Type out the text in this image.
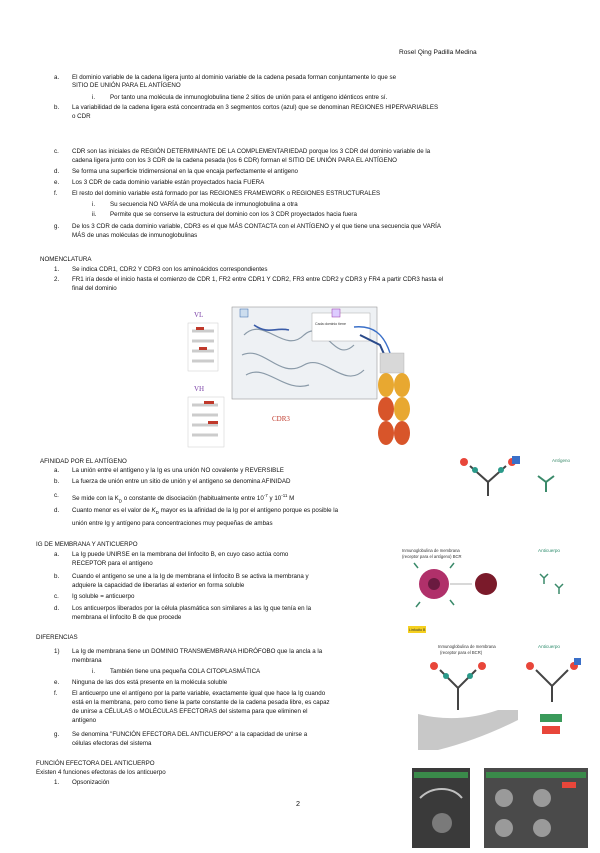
Rosel Qing Padilla Medina
a. El dominio variable de la cadena ligera junto al dominio variable de la cadena pesada forman conjuntamente lo que se
SITIO DE UNIÓN PARA EL ANTÍGENO
i. Por tanto una molécula de inmunoglobulina tiene 2 sitios de unión para el antígeno idénticos entre sí.
b. La variabilidad de la cadena ligera está concentrada en 3 segmentos cortos (azul) que se denominan REGIONES HIPERVARIABLES
o CDR
c. CDR son las iniciales de REGIÓN DETERMINANTE DE LA COMPLEMENTARIEDAD porque los 3 CDR del dominio variable de la
cadena ligera junto con los 3 CDR de la cadena pesada (los 6 CDR) forman el SITIO DE UNIÓN PARA EL ANTÍGENO
d. Se forma una superficie tridimensional en la que encaja perfectamente el antígeno
e. Los 3 CDR de cada dominio variable están proyectados hacia FUERA
f. El resto del dominio variable está formado por las REGIONES FRAMEWORK o REGIONES ESTRUCTURALES
i. Su secuencia NO VARÍA de una molécula de inmunoglobulina a otra
ii. Permite que se conserve la estructura del dominio con los 3 CDR proyectados hacia fuera
g. De los 3 CDR de cada dominio variable, CDR3 es el que MÁS CONTACTA con el ANTÍGENO y el que tiene una secuencia que VARÍA
MÁS de unas moléculas de inmunoglobulinas
NOMENCLATURA
1. Se indica CDR1, CDR2 Y CDR3 con los aminoácidos correspondientes
2. FR1 iría desde el inicio hasta el comienzo de CDR 1, FR2 entre CDR1 Y CDR2, FR3 entre CDR2 y CDR3 y FR4 a partir CDR3 hasta el
final del dominio
VL
VH
Cada dominio tiene
CDR3
AFINIDAD POR EL ANTÍGENO
a. La unión entre el antígeno y la Ig es una unión NO covalente y REVERSIBLE
b. La fuerza de unión entre un sitio de unión y el antígeno se denomina AFINIDAD
c. Se mide con la $K_D$ o constante de disociación (habitualmente entre $10^{-7}$ y $10^{-11}$ M
d. Cuanto menor es el valor de $K_D$ mayor es la afinidad de la Ig por el antígeno porque es posible la
unión entre Ig y antígeno para concentraciones muy pequeñas de ambas
Antígeno
IG DE MEMBRANA Y ANTICUERPO
a. La Ig puede UNIRSE en la membrana del linfocito B, en cuyo caso actúa como
RECEPTOR para el antígeno
b. Cuando el antígeno se une a la Ig de membrana el linfocito B se activa la membrana y
adquiere la capacidad de liberarlas al exterior en forma soluble
c. Ig soluble = anticuerpo
d. Los anticuerpos liberados por la célula plasmática son similares a las Ig que tenía en la
membrana el linfocito B de que procede
Inmunoglobulina de membrana
(receptor para el antígeno) BCR
Anticuerpo
Linfocito B
DIFERENCIAS
1) La Ig de membrana tiene un DOMINIO TRANSMEMBRANA HIDRÓFOBO que la ancla a la
membrana
i. También tiene una pequeña COLA CITOPLASMÁTICA
e. Ninguna de las dos está presente en la molécula soluble
f. El anticuerpo une el antígeno por la parte variable, exactamente igual que hace la Ig cuando
está en la membrana, pero como tiene la parte constante de la cadena pesada libre, es capaz
de unirse a CÉLULAS o MOLÉCULAS EFECTORAS del sistema para que eliminen el
antígeno
g. Se denomina "FUNCIÓN EFECTORA DEL ANTICUERPO" a la capacidad de unirse a
células efectoras del sistema
Inmunoglobulina de membrana
(receptor para el BCR)
Anticuerpo
FUNCIÓN EFECTORA DEL ANTICUERPO
Existen 4 funciones efectoras de los anticuerpo
1. Opsonización
2
